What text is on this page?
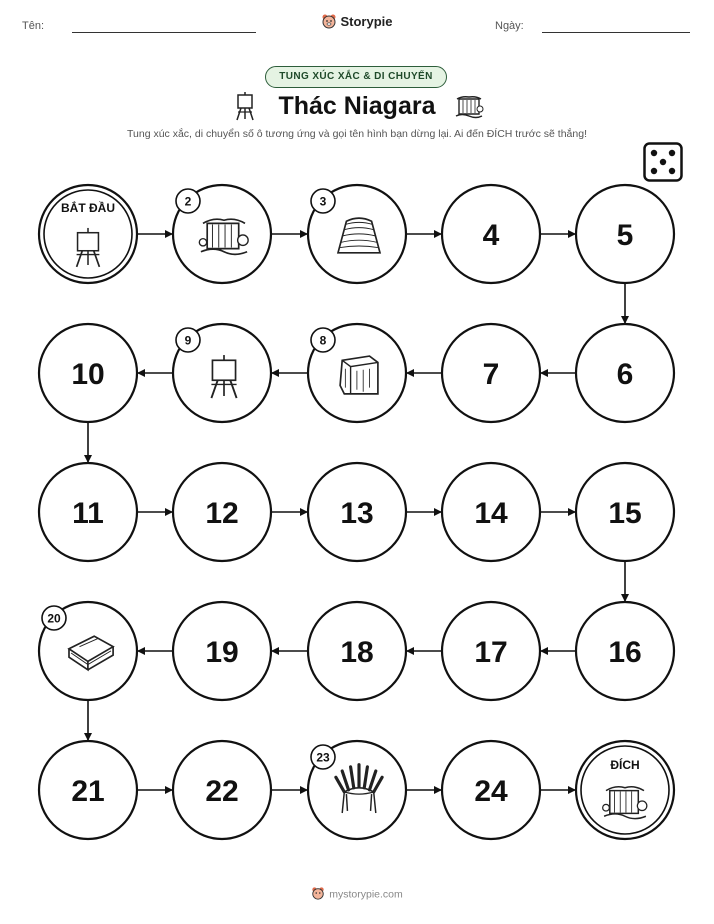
Tên:	Storypie	Ngày:
TUNG XÚC XẮC & DI CHUYỂN
Thác Niagara
Tung xúc xắc, di chuyển số ô tương ứng và gọi tên hình bạn dừng lại. Ai đến ĐÍCH trước sẽ thắng!
BẮT ĐẦU	2	3
4	5
6
7
8
9
10
11	12	13	14	15
16
17
18
19
20
21	22
23
24
ĐÍCH
mystorypie.com
